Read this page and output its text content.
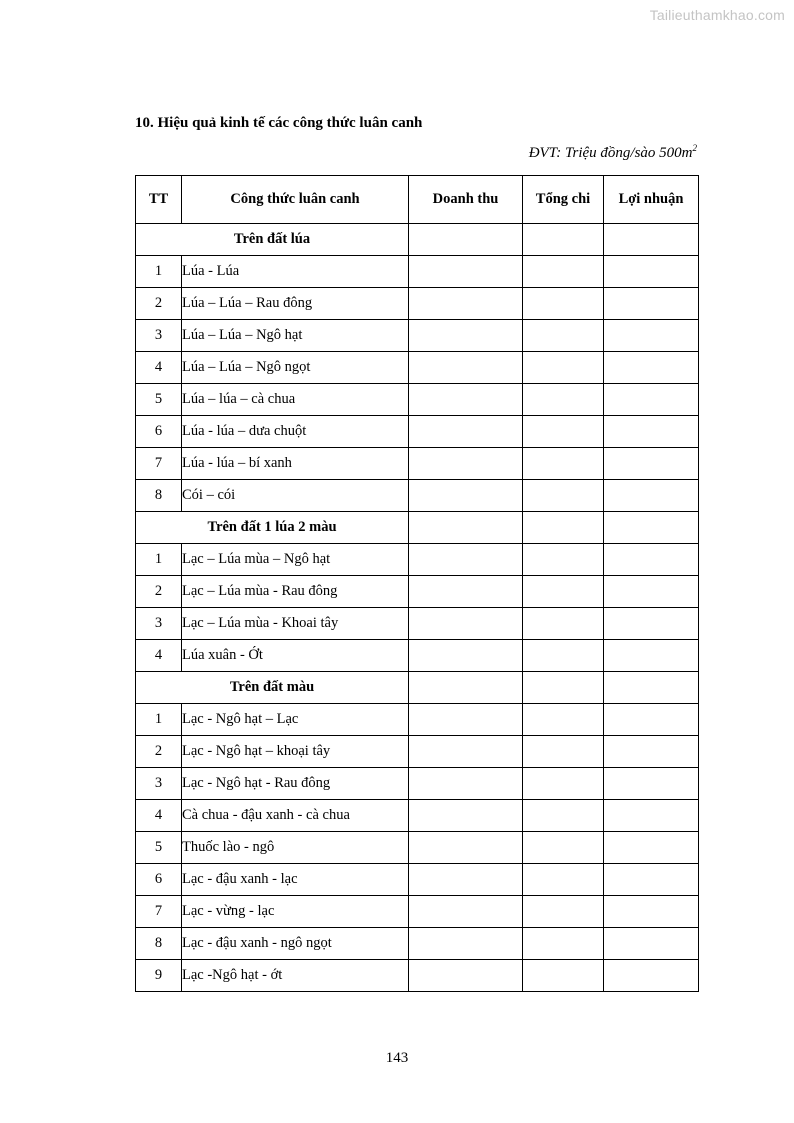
Tailieuthamkhao.com
10. Hiệu quả kinh tế các công thức luân canh
ĐVT: Triệu đồng/sào $500m^2$
TT	Công thức luân canh	Doanh thu	Tổng chi	Lợi nhuận
Trên đất lúa				
1	Lúa - Lúa			
2	Lúa – Lúa – Rau đông			
3	Lúa – Lúa – Ngô hạt			
4	Lúa – Lúa – Ngô ngọt			
5	Lúa – lúa – cà chua			
6	Lúa - lúa – dưa chuột			
7	Lúa - lúa – bí xanh			
8	Cói – cói			
Trên đất 1 lúa 2 màu				
1	Lạc – Lúa mùa – Ngô hạt			
2	Lạc – Lúa mùa - Rau đông			
3	Lạc – Lúa mùa - Khoai tây			
4	Lúa xuân - Ớt			
Trên đất màu				
1	Lạc - Ngô hạt – Lạc			
2	Lạc - Ngô hạt – khoại tây			
3	Lạc - Ngô hạt - Rau đông			
4	Cà chua - đậu xanh - cà chua			
5	Thuốc lào - ngô			
6	Lạc - đậu xanh - lạc			
7	Lạc - vừng - lạc			
8	Lạc - đậu xanh - ngô ngọt			
9	Lạc -Ngô hạt - ớt			
143
